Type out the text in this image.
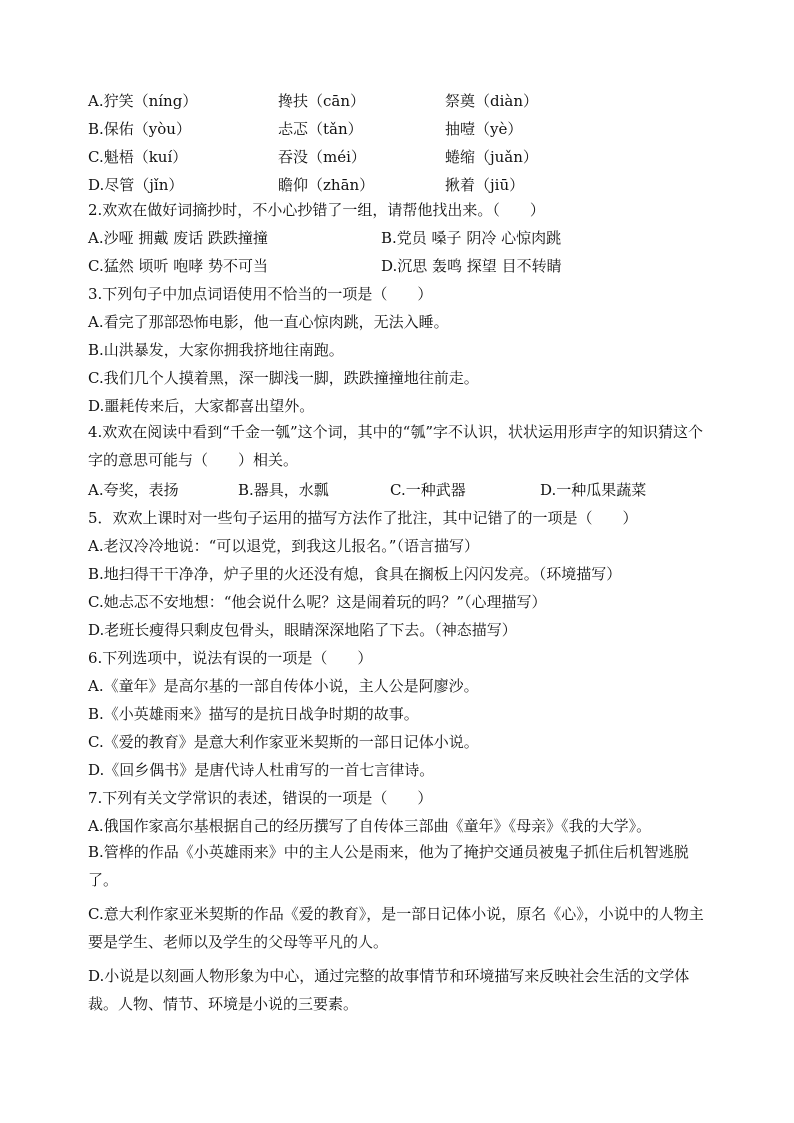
A.狞笑（níng）	搀扶（cān）	祭奠（diàn）
B.保佑（yòu）	忐忑（tǎn）	抽噎（yè）
C.魁梧（kuí）	吞没（méi）	蜷缩（juǎn）
D.尽管（jǐn）	瞻仰（zhān）	揪着（jiū）
2.欢欢在做好词摘抄时，不小心抄错了一组，请帮他找出来。（　　）
A.沙哑 拥戴 废话 跌跌撞撞	B.党员 嗓子 阴冷 心惊肉跳
C.猛然 顷听 咆哮 势不可当	D.沉思 轰鸣 探望 目不转睛
3.下列句子中加点词语使用不恰当的一项是（　　）
A.看完了那部恐怖电影，他一直心惊肉跳，无法入睡。
B.山洪暴发，大家你拥我挤地往南跑。
C.我们几个人摸着黑，深一脚浅一脚，跌跌撞撞地往前走。
D.噩耗传来后，大家都喜出望外。
4.欢欢在阅读中看到“千金一瓠”这个词，其中的“瓠”字不认识，状状运用形声字的知识猜这个字的意思可能与（　　）相关。
A.夸奖，表扬	B.器具，水瓢	C.一种武器	D.一种瓜果蔬菜
5．欢欢上课时对一些句子运用的描写方法作了批注，其中记错了的一项是（　　）
A.老汉冷冷地说：“可以退党，到我这儿报名。”（语言描写）
B.地扫得干干净净，炉子里的火还没有熄，食具在搁板上闪闪发亮。（环境描写）
C.她忐忑不安地想：“他会说什么呢？这是闹着玩的吗？”（心理描写）
D.老班长瘦得只剩皮包骨头，眼睛深深地陷了下去。（神态描写）
6.下列选项中，说法有误的一项是（　　）
A.《童年》是高尔基的一部自传体小说，主人公是阿廖沙。
B.《小英雄雨来》描写的是抗日战争时期的故事。
C.《爱的教育》是意大利作家亚米契斯的一部日记体小说。
D.《回乡偶书》是唐代诗人杜甫写的一首七言律诗。
7.下列有关文学常识的表述，错误的一项是（　　）
A.俄国作家高尔基根据自己的经历撰写了自传体三部曲《童年》《母亲》《我的大学》。
B.管桦的作品《小英雄雨来》中的主人公是雨来，他为了掩护交通员被鬼子抓住后机智逃脱了。
C.意大利作家亚米契斯的作品《爱的教育》，是一部日记体小说，原名《心》，小说中的人物主要是学生、老师以及学生的父母等平凡的人。
D.小说是以刻画人物形象为中心，通过完整的故事情节和环境描写来反映社会生活的文学体裁。人物、情节、环境是小说的三要素。
